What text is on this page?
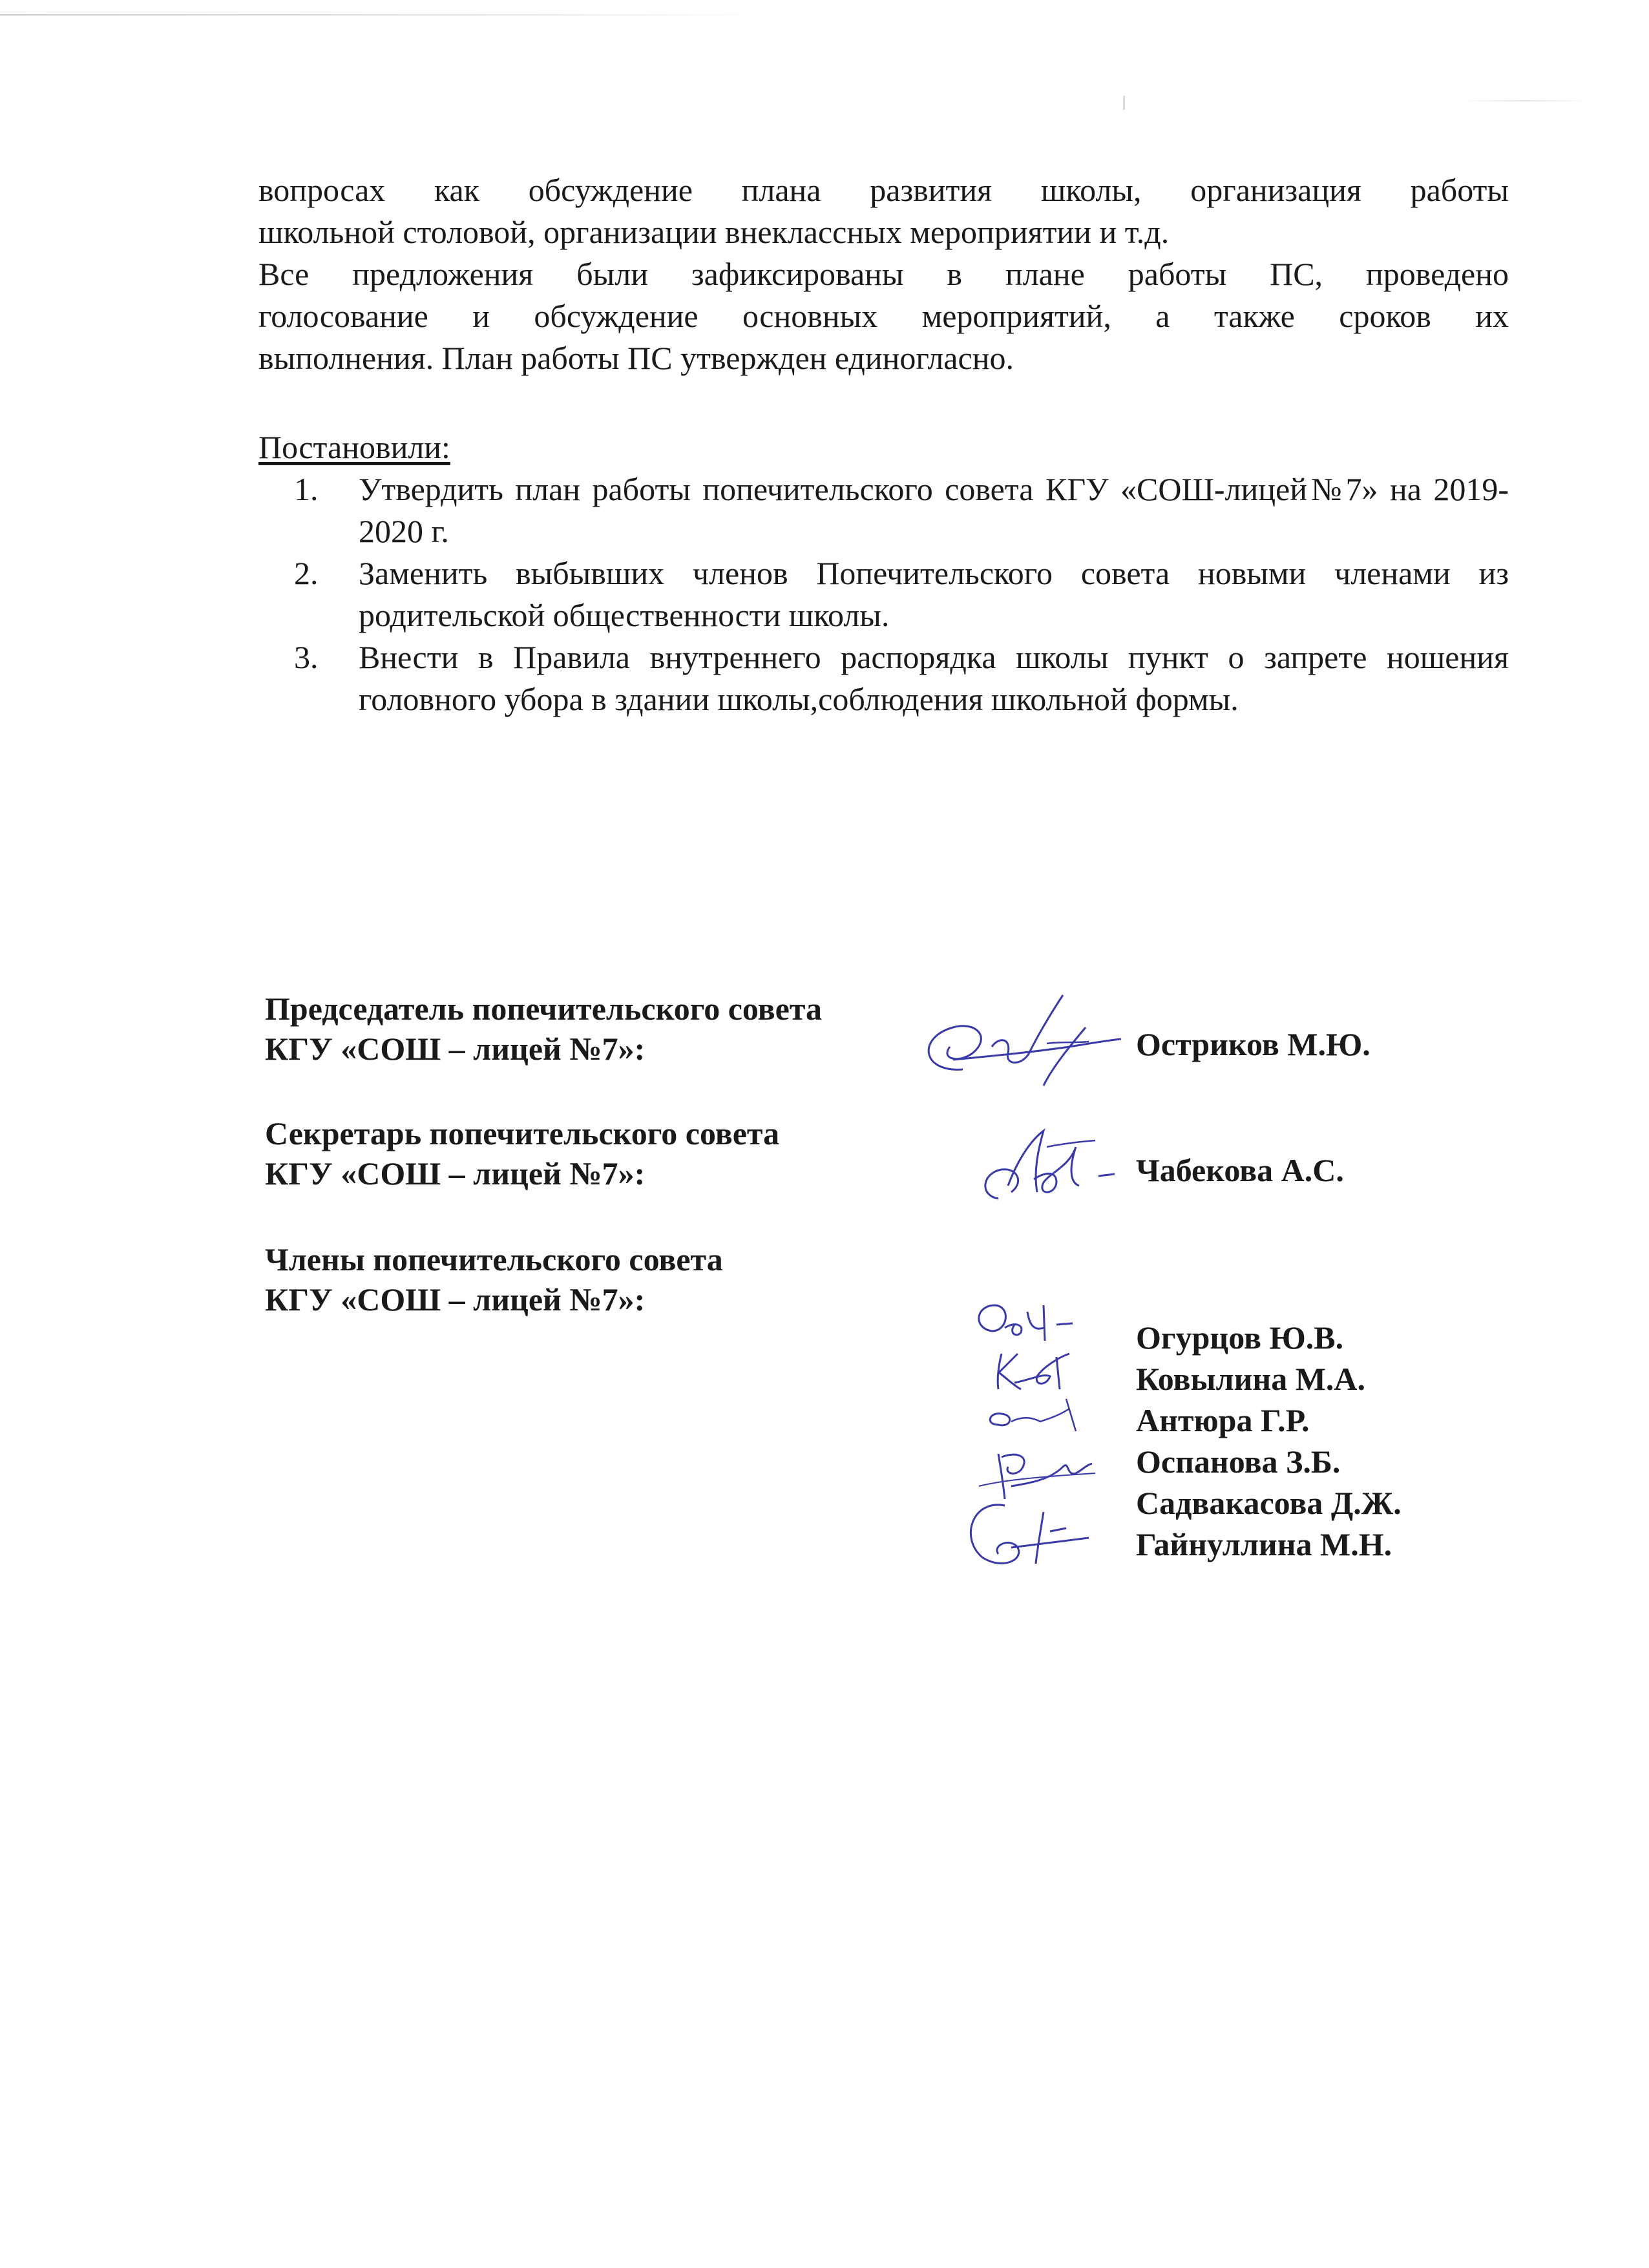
вопросах как обсуждение плана развития школы, организация работы
школьной столовой, организации внеклассных мероприятии и т.д.
Все предложения были зафиксированы в плане работы ПС, проведено
голосование и обсуждение основных мероприятий, а также сроков их
выполнения. План работы ПС утвержден единогласно.
Постановили:
1. Утвердить план работы попечительского совета КГУ «СОШ-лицей№7» на 2019-2020 г.
2. Заменить выбывших членов Попечительского совета новыми членами из родительской общественности школы.
3. Внести в Правила внутреннего распорядка школы пункт о запрете ношения головного убора в здании школы,соблюдения школьной формы.
Председатель попечительского совета
КГУ «СОШ – лицей №7»:	Остриков М.Ю.
Секретарь попечительского совета
КГУ «СОШ – лицей №7»:	Чабекова А.С.
Члены попечительского совета
КГУ «СОШ – лицей №7»:
Огурцов Ю.В.
Ковылина М.А.
Антюра Г.Р.
Оспанова З.Б.
Садвакасова Д.Ж.
Гайнуллина М.Н.
